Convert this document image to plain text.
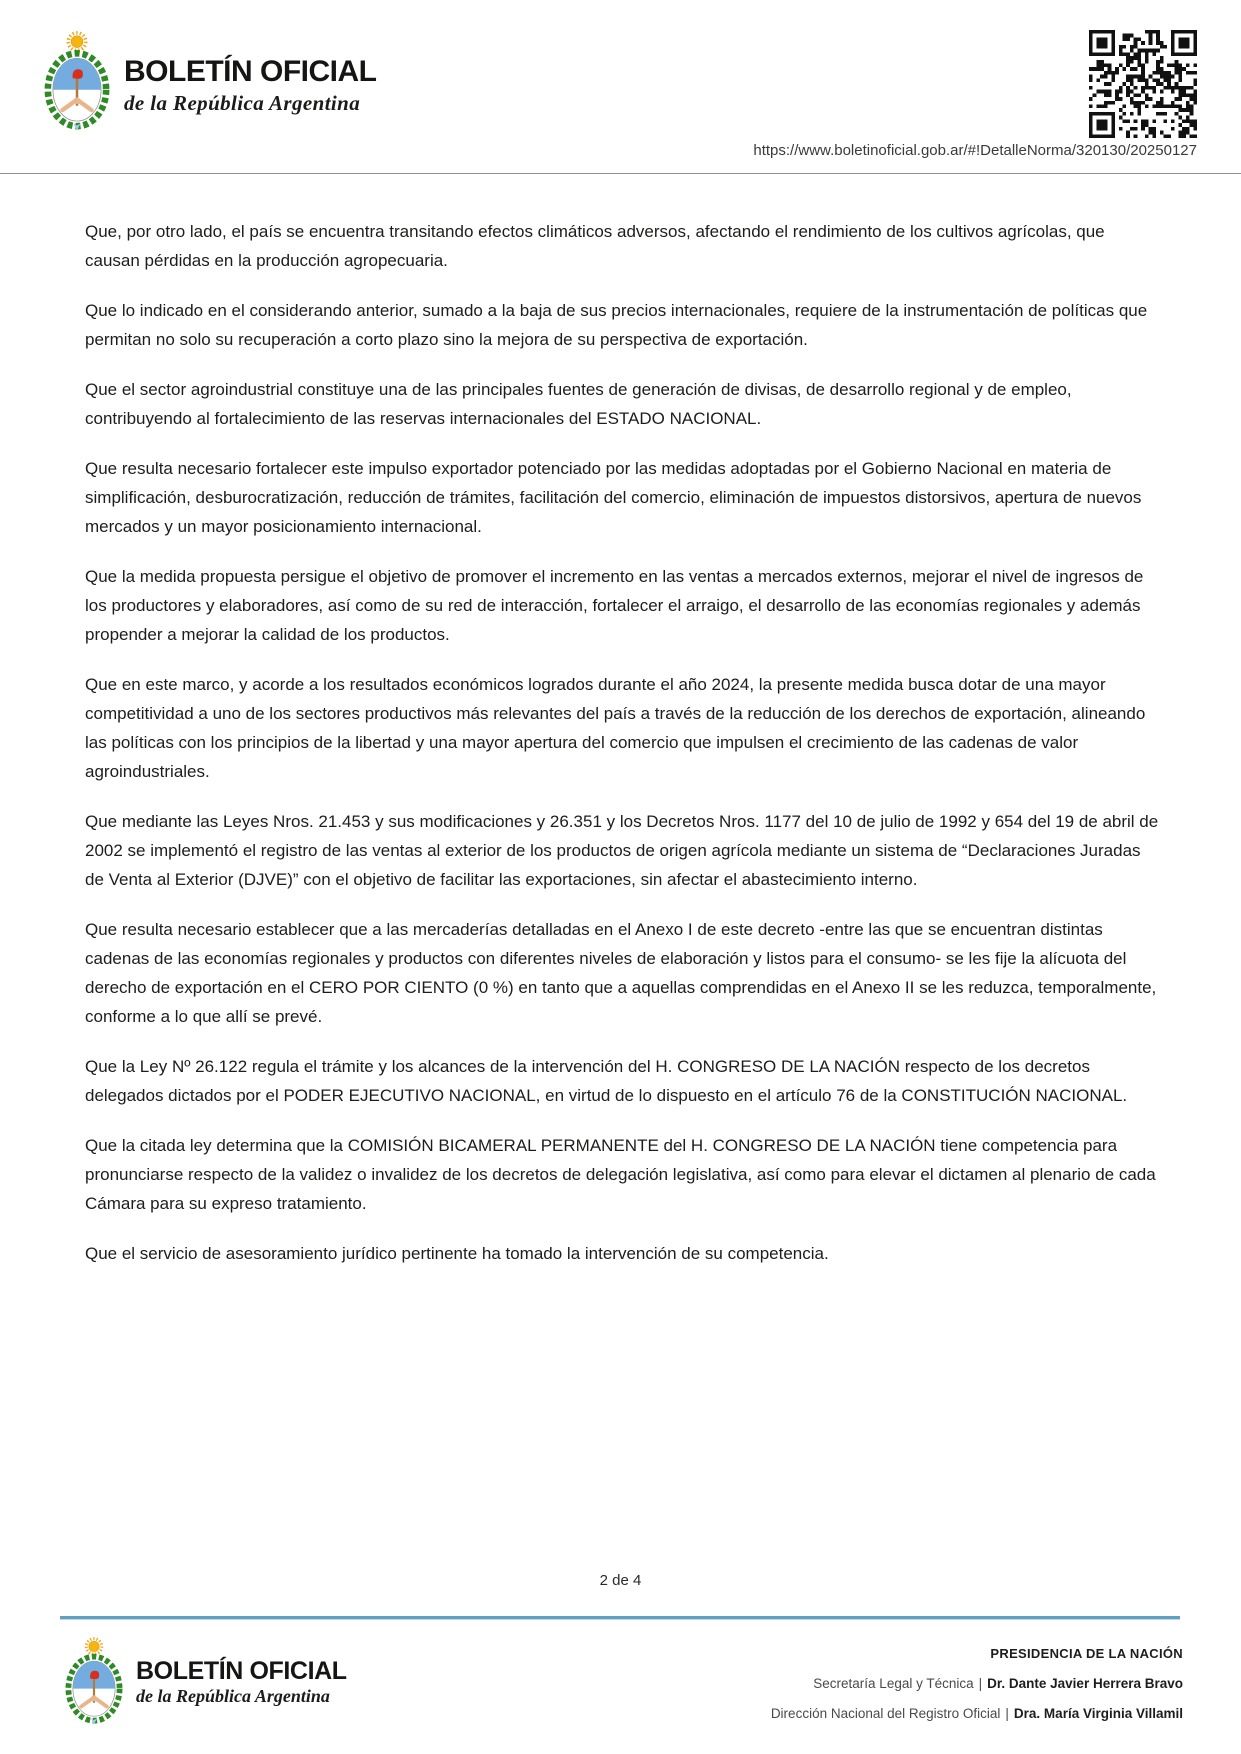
BOLETÍN OFICIAL
de la República Argentina
https://www.boletinoficial.gob.ar/#!DetalleNorma/320130/20250127

Que, por otro lado, el país se encuentra transitando efectos climáticos adversos, afectando el rendimiento de los cultivos agrícolas, que causan pérdidas en la producción agropecuaria.

Que lo indicado en el considerando anterior, sumado a la baja de sus precios internacionales, requiere de la instrumentación de políticas que permitan no solo su recuperación a corto plazo sino la mejora de su perspectiva de exportación.

Que el sector agroindustrial constituye una de las principales fuentes de generación de divisas, de desarrollo regional y de empleo, contribuyendo al fortalecimiento de las reservas internacionales del ESTADO NACIONAL.

Que resulta necesario fortalecer este impulso exportador potenciado por las medidas adoptadas por el Gobierno Nacional en materia de simplificación, desburocratización, reducción de trámites, facilitación del comercio, eliminación de impuestos distorsivos, apertura de nuevos mercados y un mayor posicionamiento internacional.

Que la medida propuesta persigue el objetivo de promover el incremento en las ventas a mercados externos, mejorar el nivel de ingresos de los productores y elaboradores, así como de su red de interacción, fortalecer el arraigo, el desarrollo de las economías regionales y además propender a mejorar la calidad de los productos.

Que en este marco, y acorde a los resultados económicos logrados durante el año 2024, la presente medida busca dotar de una mayor competitividad a uno de los sectores productivos más relevantes del país a través de la reducción de los derechos de exportación, alineando las políticas con los principios de la libertad y una mayor apertura del comercio que impulsen el crecimiento de las cadenas de valor agroindustriales.

Que mediante las Leyes Nros. 21.453 y sus modificaciones y 26.351 y los Decretos Nros. 1177 del 10 de julio de 1992 y 654 del 19 de abril de 2002 se implementó el registro de las ventas al exterior de los productos de origen agrícola mediante un sistema de “Declaraciones Juradas de Venta al Exterior (DJVE)” con el objetivo de facilitar las exportaciones, sin afectar el abastecimiento interno.

Que resulta necesario establecer que a las mercaderías detalladas en el Anexo I de este decreto -entre las que se encuentran distintas cadenas de las economías regionales y productos con diferentes niveles de elaboración y listos para el consumo- se les fije la alícuota del derecho de exportación en el CERO POR CIENTO (0 %) en tanto que a aquellas comprendidas en el Anexo II se les reduzca, temporalmente, conforme a lo que allí se prevé.

Que la Ley Nº 26.122 regula el trámite y los alcances de la intervención del H. CONGRESO DE LA NACIÓN respecto de los decretos delegados dictados por el PODER EJECUTIVO NACIONAL, en virtud de lo dispuesto en el artículo 76 de la CONSTITUCIÓN NACIONAL.

Que la citada ley determina que la COMISIÓN BICAMERAL PERMANENTE del H. CONGRESO DE LA NACIÓN tiene competencia para pronunciarse respecto de la validez o invalidez de los decretos de delegación legislativa, así como para elevar el dictamen al plenario de cada Cámara para su expreso tratamiento.

Que el servicio de asesoramiento jurídico pertinente ha tomado la intervención de su competencia.

2 de 4
BOLETÍN OFICIAL
de la República Argentina
PRESIDENCIA DE LA NACIÓN
Secretaría Legal y Técnica | Dr. Dante Javier Herrera Bravo
Dirección Nacional del Registro Oficial | Dra. María Virginia Villamil
